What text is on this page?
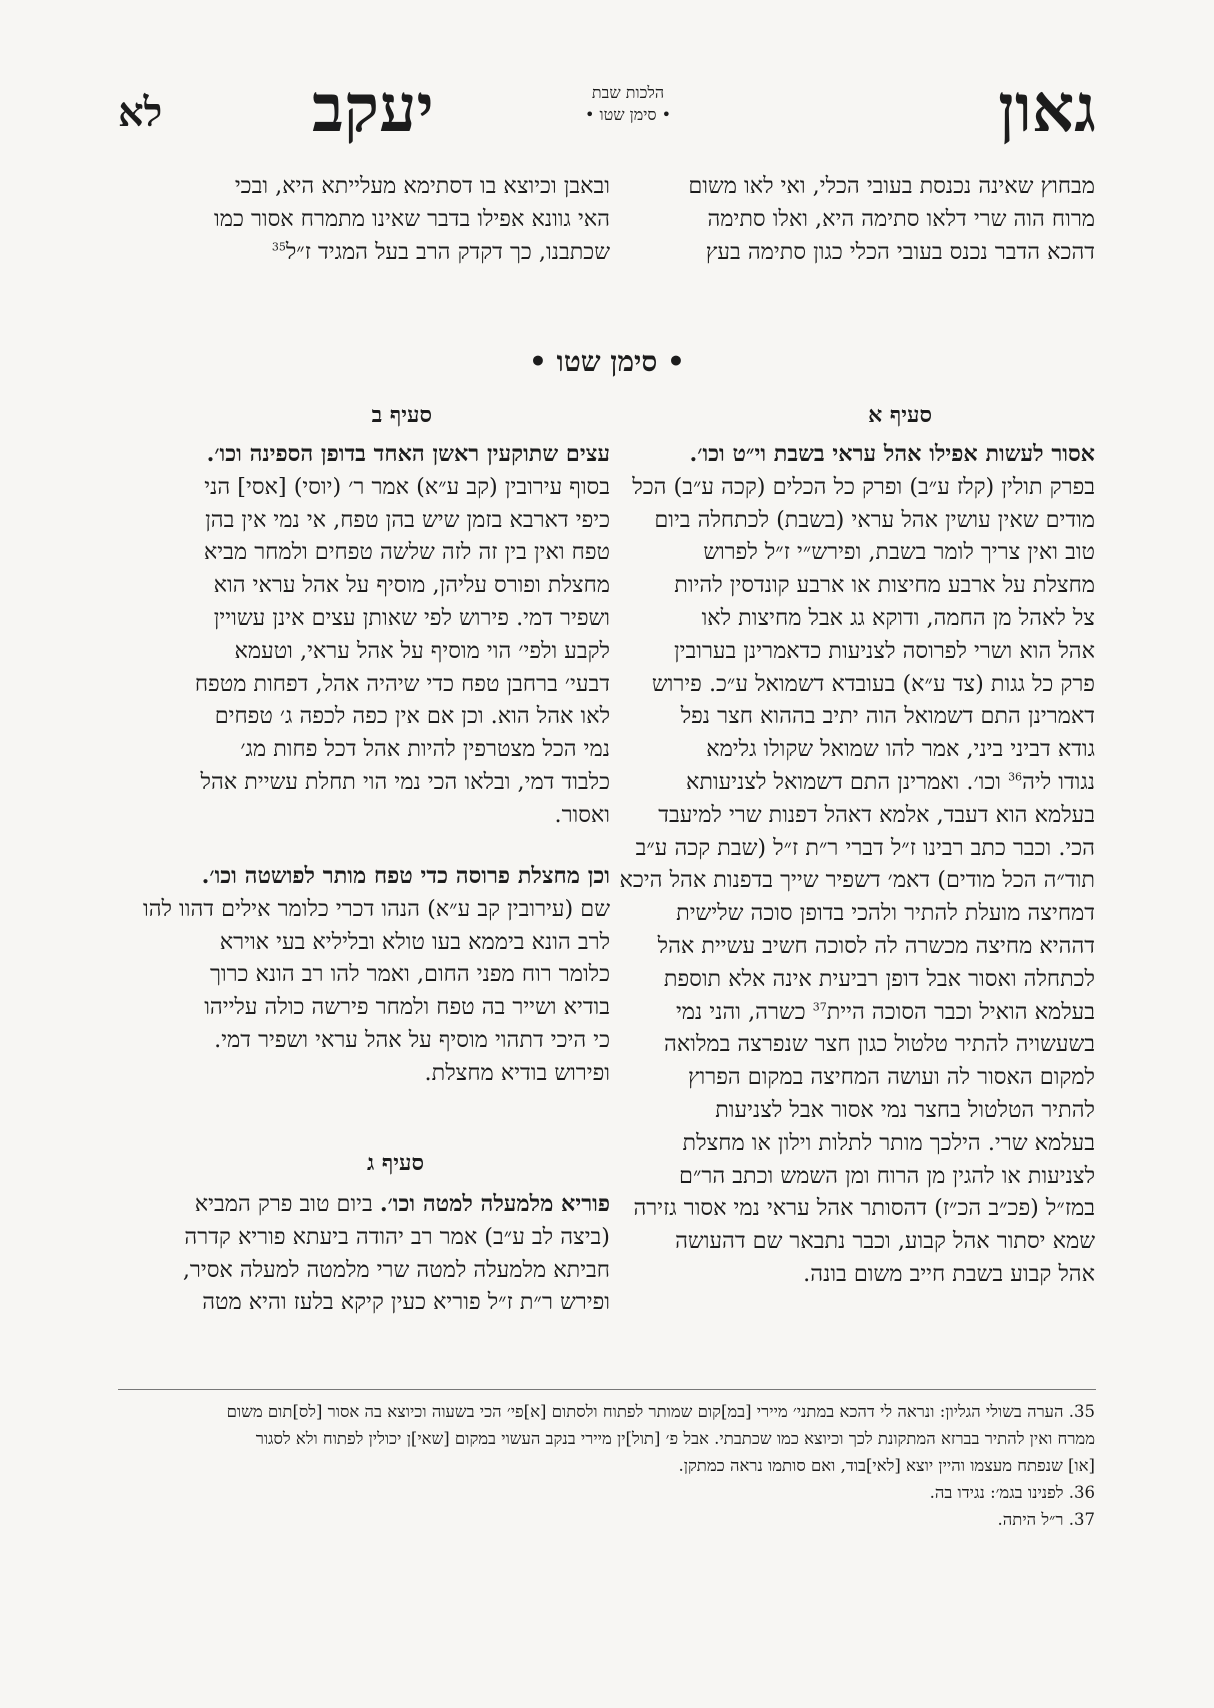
גאון
יעקב	הלכות שבת
• סימן שטו •
לא

מבחוץ שאינה נכנסת בעובי הכלי, ואי לאו משום

מרוח הוה שרי דלאו סתימה היא, ואלו סתימה

דהכא הדבר נכנס בעובי הכלי כגון סתימה בעץ

ובאבן וכיוצא בו דסתימא מעלייתא היא, ובכי

האי גוונא אפילו בדבר שאינו מתמרח אסור כמו

שכתבנו, כך דקדק הרב בעל המגיד ז״ל$^{35}$

• סימן שטו •
סעיף א
סעיף ב
סעיף ג

אסור לעשות אפילו אהל עראי בשבת וי״ט וכו׳.

בפרק תולין (קלז ע״ב) ופרק כל הכלים (קכה ע״ב) הכל

מודים שאין עושין אהל עראי (בשבת) לכתחלה ביום

טוב ואין צריך לומר בשבת, ופירש״י ז״ל לפרוש

מחצלת על ארבע מחיצות או ארבע קונדסין להיות

צל לאהל מן החמה, ודוקא גג אבל מחיצות לאו

אהל הוא ושרי לפרוסה לצניעות כדאמרינן בערובין

פרק כל גגות (צד ע״א) בעובדא דשמואל ע״כ. פירוש

דאמרינן התם דשמואל הוה יתיב בההוא חצר נפל

גודא דביני ביני, אמר להו שמואל שקולו גלימא

נגודו ליה$^{36}$ וכו׳. ואמרינן התם דשמואל לצניעותא

בעלמא הוא דעבד, אלמא דאהל דפנות שרי למיעבד

הכי. וכבר כתב רבינו ז״ל דברי ר״ת ז״ל (שבת קכה ע״ב

תוד״ה הכל מודים) דאמ׳ דשפיר שייך בדפנות אהל היכא

דמחיצה מועלת להתיר ולהכי בדופן סוכה שלישית

דההיא מחיצה מכשרה לה לסוכה חשיב עשיית אהל

לכתחלה ואסור אבל דופן רביעית אינה אלא תוספת

בעלמא הואיל וכבר הסוכה היית$^{37}$ כשרה, והני נמי

בשעשויה להתיר טלטול כגון חצר שנפרצה במלואה

למקום האסור לה ועושה המחיצה במקום הפרוץ

להתיר הטלטול בחצר נמי אסור אבל לצניעות

בעלמא שרי. הילכך מותר לתלות וילון או מחצלת

לצניעות או להגין מן הרוח ומן השמש וכתב הר״ם

במז״ל (פכ״ב הכ״ז) דהסותר אהל עראי נמי אסור גזירה

שמא יסתור אהל קבוע, וכבר נתבאר שם דהעושה

אהל קבוע בשבת חייב משום בונה.

עצים שתוקעין ראשן האחד בדופן הספינה וכו׳.

בסוף עירובין (קב ע״א) אמר ר׳ (יוסי) [אסי] הני

כיפי דארבא בזמן שיש בהן טפח, אי נמי אין בהן

טפח ואין בין זה לזה שלשה טפחים ולמחר מביא

מחצלת ופורס עליהן, מוסיף על אהל עראי הוא

ושפיר דמי. פירוש לפי שאותן עצים אינן עשויין

לקבע ולפי׳ הוי מוסיף על אהל עראי, וטעמא

דבעי׳ ברחבן טפח כדי שיהיה אהל, דפחות מטפח

לאו אהל הוא. וכן אם אין כפה לכפה ג׳ טפחים

נמי הכל מצטרפין להיות אהל דכל פחות מג׳

כלבוד דמי, ובלאו הכי נמי הוי תחלת עשיית אהל

ואסור.

וכן מחצלת פרוסה כדי טפח מותר לפושטה וכו׳.

שם (עירובין קב ע״א) הנהו דכרי כלומר אילים דהוו להו

לרב הונא ביממא בעו טולא ובליליא בעי אוירא

כלומר רוח מפני החום, ואמר להו רב הונא כרוך

בודיא ושייר בה טפח ולמחר פירשה כולה עלייהו

כי היכי דתהוי מוסיף על אהל עראי ושפיר דמי.

ופירוש בודיא מחצלת.

פוריא מלמעלה למטה וכו׳. ביום טוב פרק המביא

(ביצה לב ע״ב) אמר רב יהודה ביעתא פוריא קדרה

חביתא מלמעלה למטה שרי מלמטה למעלה אסיר,

ופירש ר״ת ז״ל פוריא כעין קיקא בלעז והיא מטה

35. הערה בשולי הגליון: ונראה לי דהכא במתני׳ מיירי [במ]קום שמותר לפתוח ולסתום [א]פי׳ הכי בשעוה וכיוצא בה אסור [לס]תום משום
ממרח ואין להתיר בברזא המתקונת לכך וכיוצא כמו שכתבתי. אבל פ׳ [תול]ין מיירי בנקב העשוי במקום [שאי]ן יכולין לפתוח ולא לסגור
[או] שנפתח מעצמו והיין יוצא [לאי]בוד, ואם סותמו נראה כמתקן.
36. לפנינו בגמ׳: נגידו בה.
37. ר״ל היתה.
